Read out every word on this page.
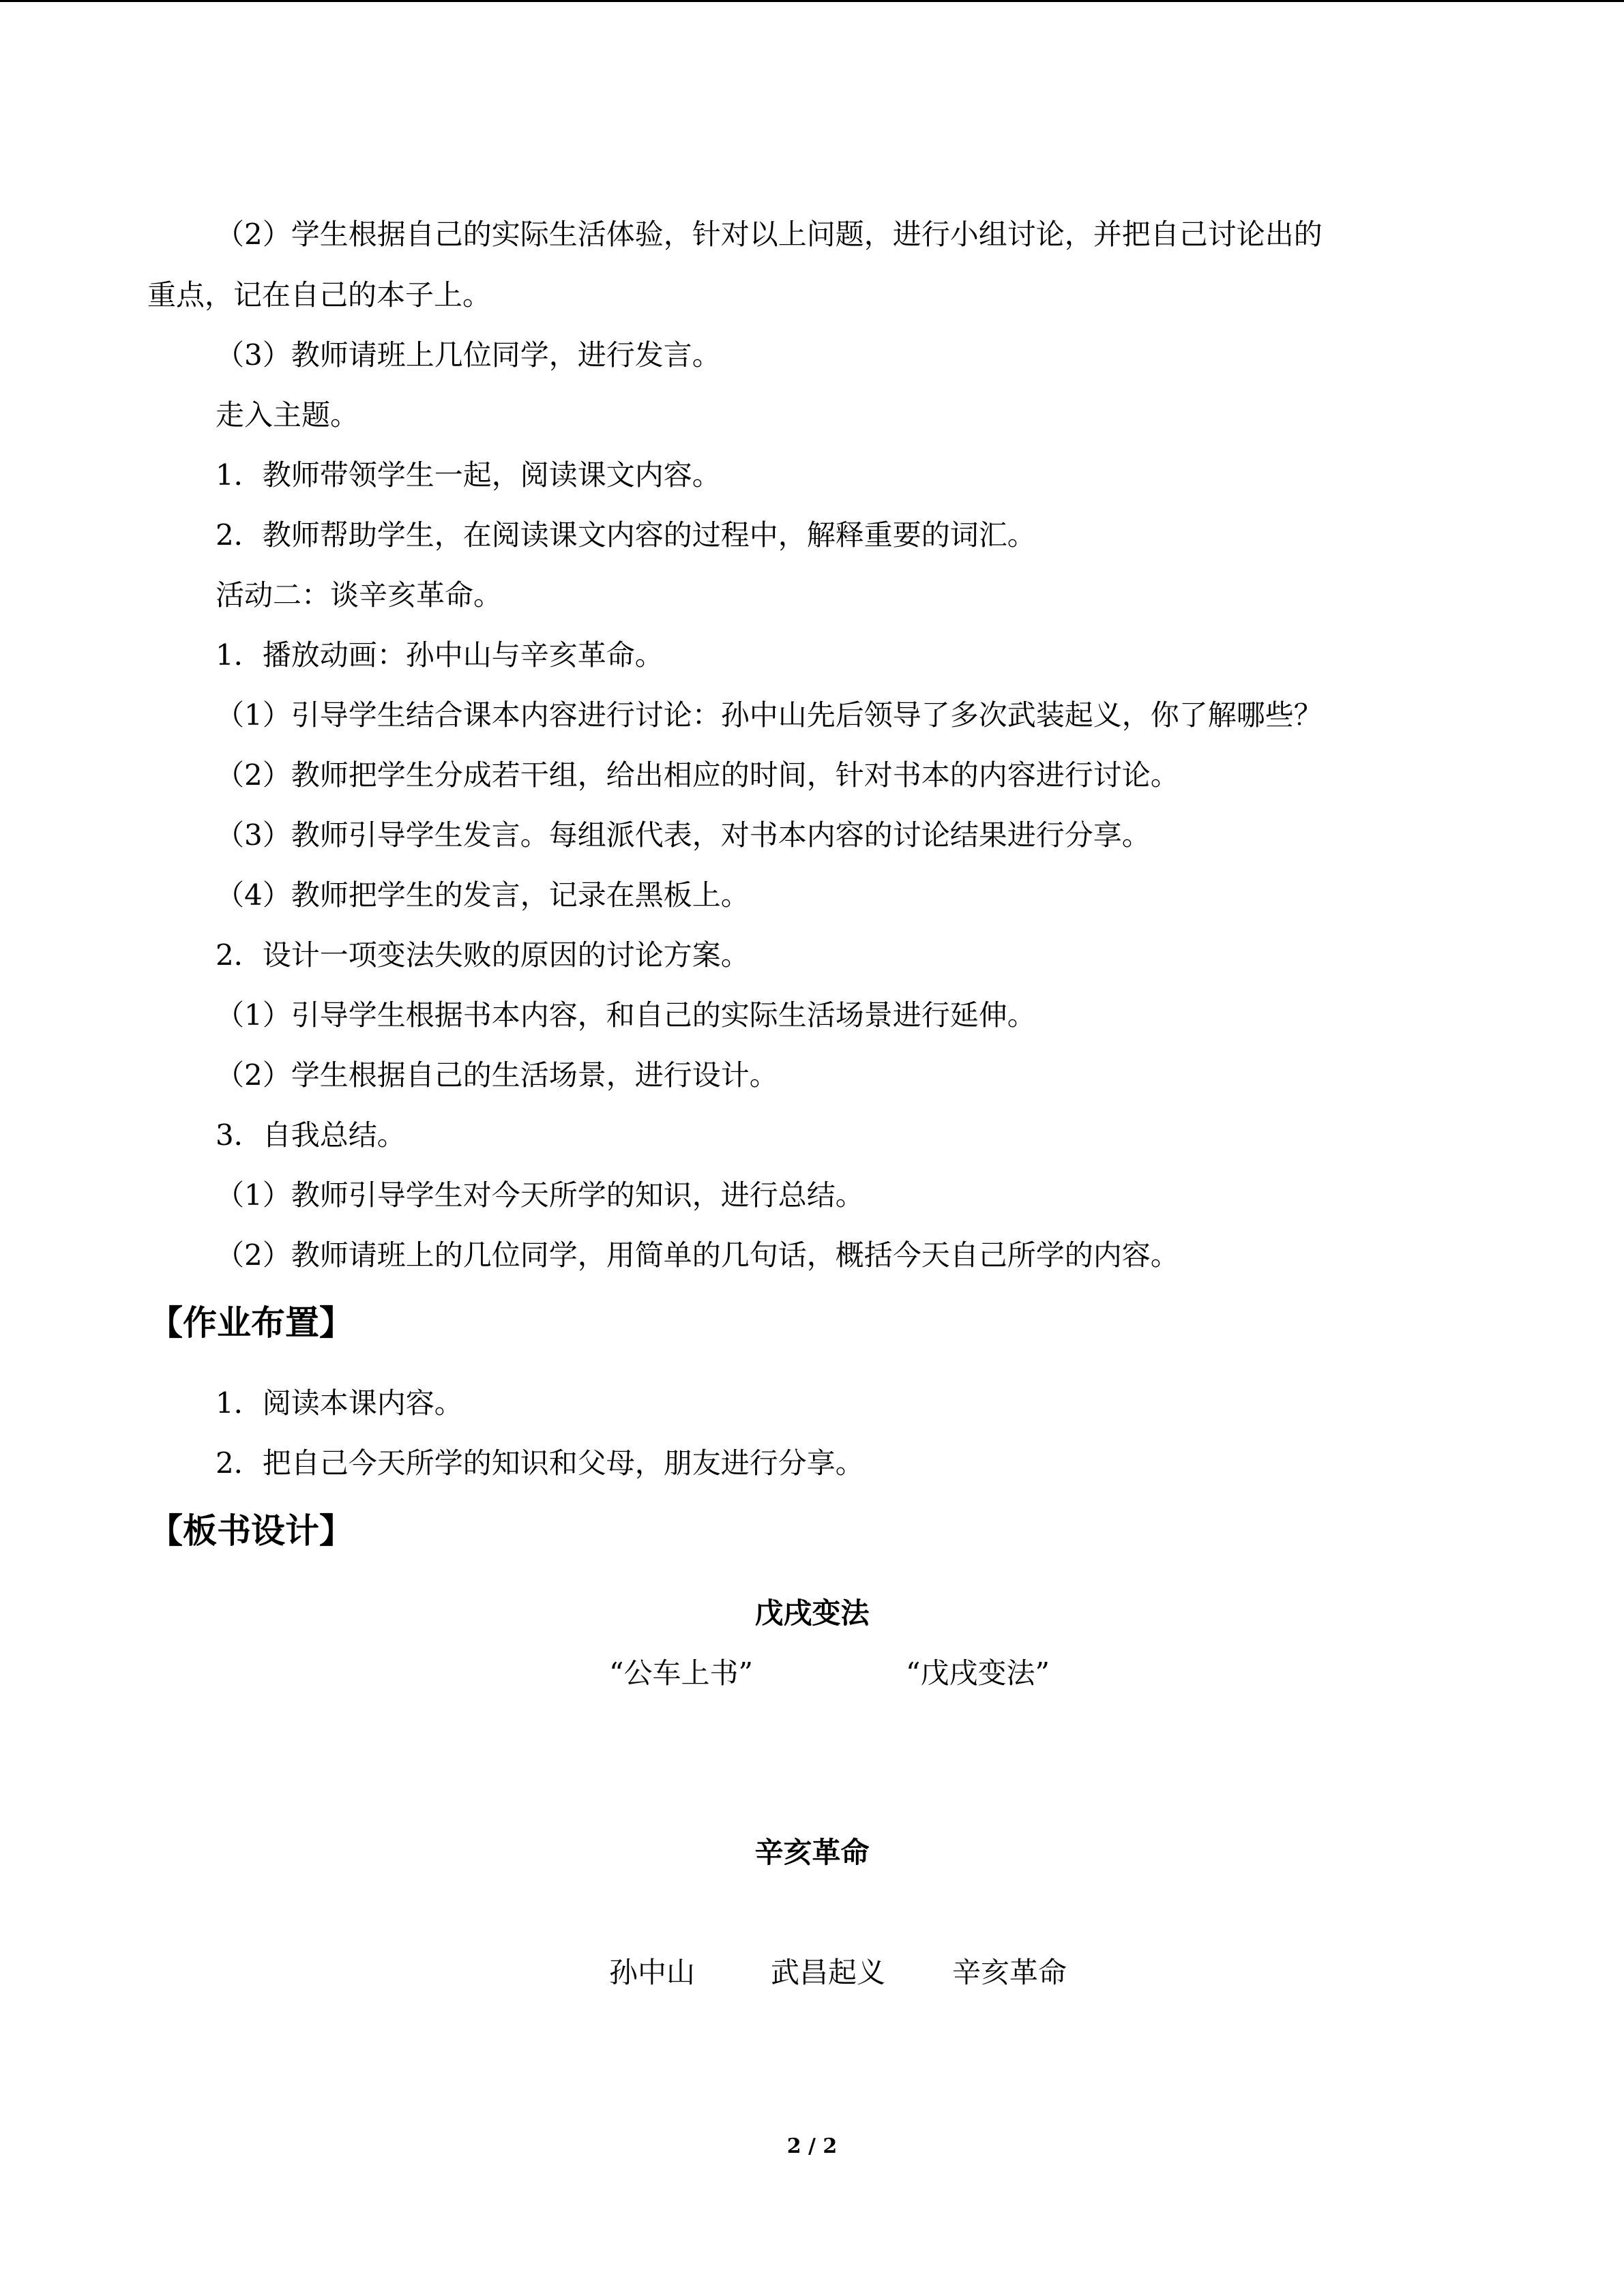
（2）学生根据自己的实际生活体验，针对以上问题，进行小组讨论，并把自己讨论出的
重点，记在自己的本子上。
（3）教师请班上几位同学，进行发言。
走入主题。
1．教师带领学生一起，阅读课文内容。
2．教师帮助学生，在阅读课文内容的过程中，解释重要的词汇。
活动二：谈辛亥革命。
1．播放动画：孙中山与辛亥革命。
（1）引导学生结合课本内容进行讨论：孙中山先后领导了多次武装起义，你了解哪些？
（2）教师把学生分成若干组，给出相应的时间，针对书本的内容进行讨论。
（3）教师引导学生发言。每组派代表，对书本内容的讨论结果进行分享。
（4）教师把学生的发言，记录在黑板上。
2．设计一项变法失败的原因的讨论方案。
（1）引导学生根据书本内容，和自己的实际生活场景进行延伸。
（2）学生根据自己的生活场景，进行设计。
3．自我总结。
（1）教师引导学生对今天所学的知识，进行总结。
（2）教师请班上的几位同学，用简单的几句话，概括今天自己所学的内容。
【作业布置】
1．阅读本课内容。
2．把自己今天所学的知识和父母，朋友进行分享。
【板书设计】
戊戌变法
“公车上书”	“戊戌变法”
辛亥革命
孙中山	武昌起义 辛亥革命
2 / 2
